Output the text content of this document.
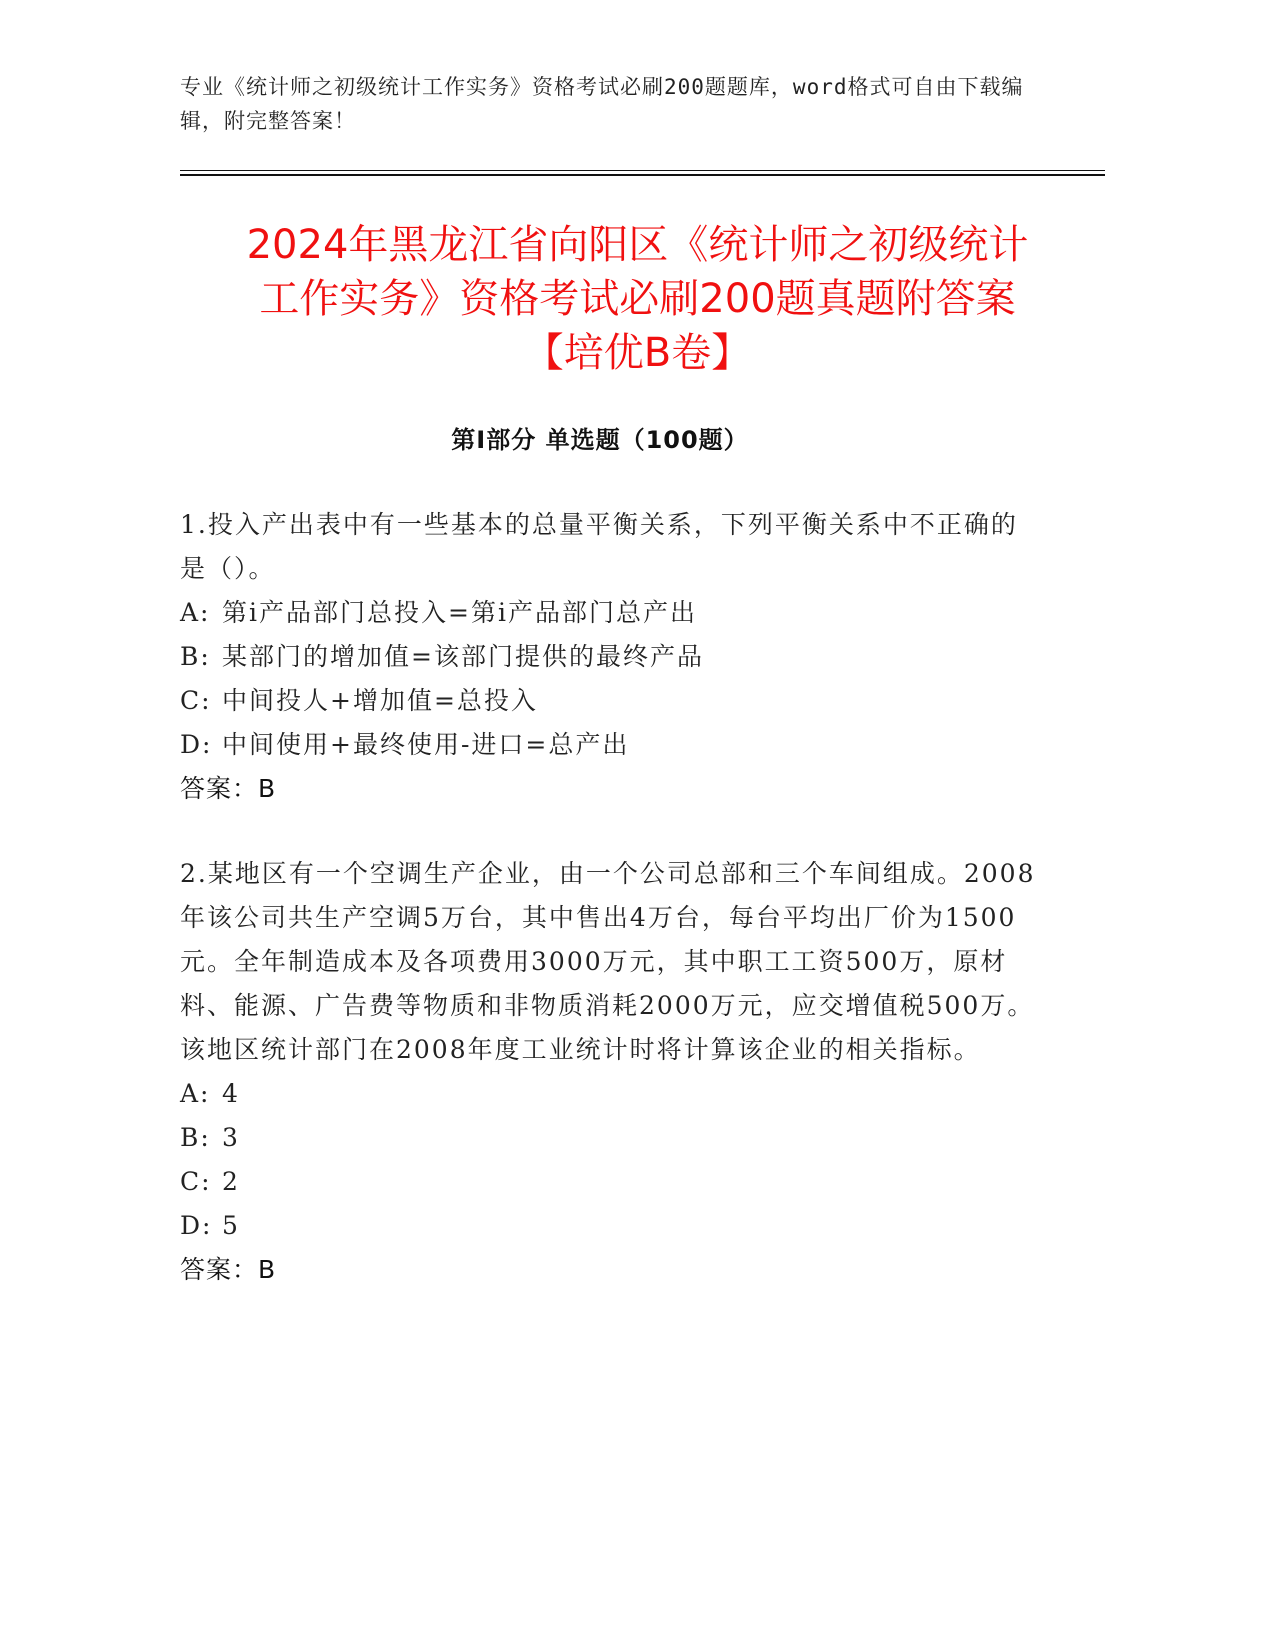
专业《统计师之初级统计工作实务》资格考试必刷200题题库，word格式可自由下载编辑，附完整答案！
2024年黑龙江省向阳区《统计师之初级统计
工作实务》资格考试必刷200题真题附答案
【培优B卷】
第I部分 单选题（100题）
1.投入产出表中有一些基本的总量平衡关系，下列平衡关系中不正确的是（）。
A: 第i产品部门总投入=第i产品部门总产出
B: 某部门的增加值=该部门提供的最终产品
C: 中间投人+增加值=总投入
D: 中间使用+最终使用-进口=总产出
答案：B
2.某地区有一个空调生产企业，由一个公司总部和三个车间组成。2008年该公司共生产空调5万台，其中售出4万台，每台平均出厂价为1500元。全年制造成本及各项费用3000万元，其中职工工资500万，原材料、能源、广告费等物质和非物质消耗2000万元，应交增值税500万。该地区统计部门在2008年度工业统计时将计算该企业的相关指标。
A: 4
B: 3
C: 2
D: 5
答案：B
